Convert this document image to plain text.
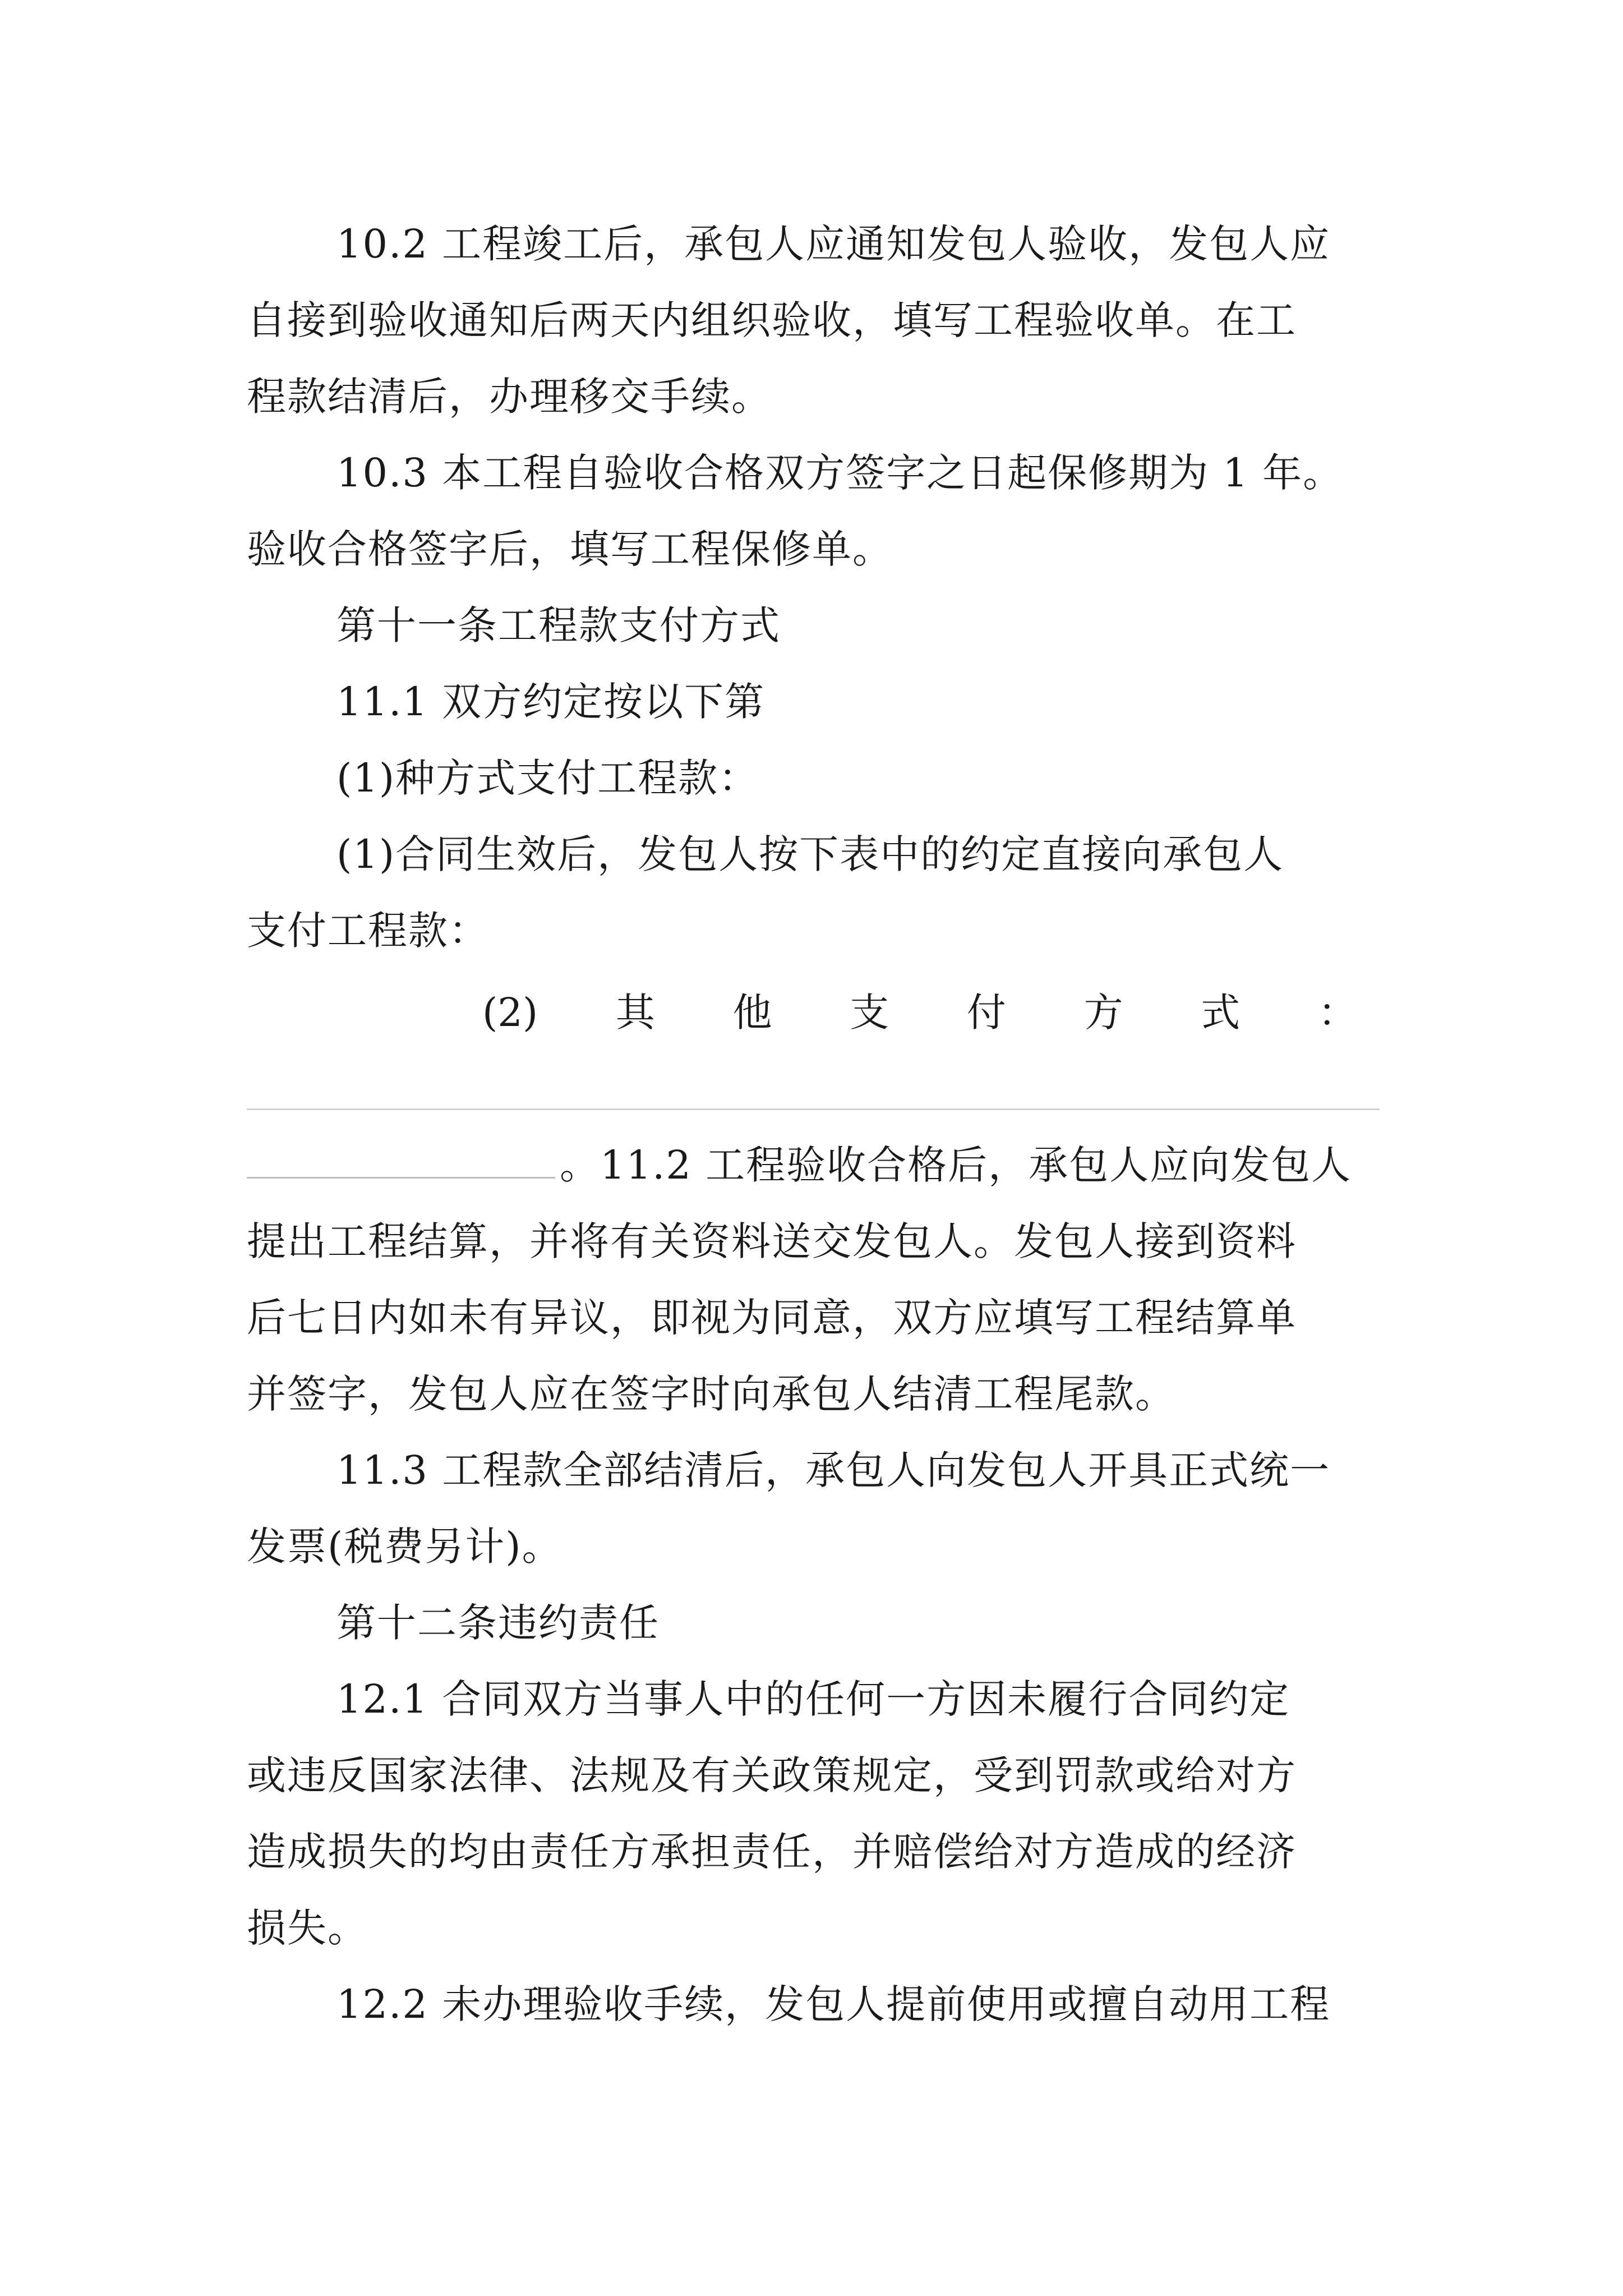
10.2 工程竣工后，承包人应通知发包人验收，发包人应
自接到验收通知后两天内组织验收，填写工程验收单。在工
程款结清后，办理移交手续。
10.3 本工程自验收合格双方签字之日起保修期为 1 年。
验收合格签字后，填写工程保修单。
第十一条工程款支付方式
11.1 双方约定按以下第
(1)种方式支付工程款：
(1)合同生效后，发包人按下表中的约定直接向承包人
支付工程款：
(2) 其 他 支 付 方 式 ：
。11.2 工程验收合格后，承包人应向发包人
提出工程结算，并将有关资料送交发包人。发包人接到资料
后七日内如未有异议，即视为同意，双方应填写工程结算单
并签字，发包人应在签字时向承包人结清工程尾款。
11.3 工程款全部结清后，承包人向发包人开具正式统一
发票(税费另计)。
第十二条违约责任
12.1 合同双方当事人中的任何一方因未履行合同约定
或违反国家法律、法规及有关政策规定，受到罚款或给对方
造成损失的均由责任方承担责任，并赔偿给对方造成的经济
损失。
12.2 未办理验收手续，发包人提前使用或擅自动用工程
